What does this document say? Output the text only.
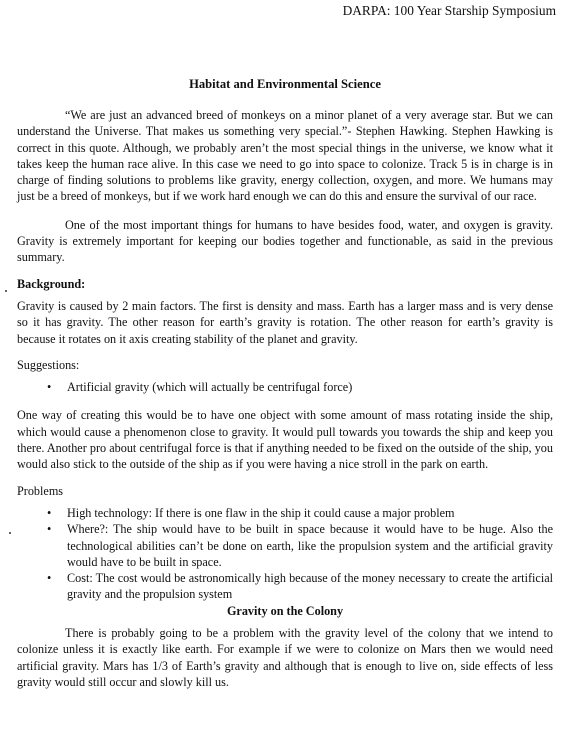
DARPA: 100 Year Starship Symposium
Habitat and Environmental Science

“We are just an advanced breed of monkeys on a minor planet of a very average star. But we can understand the Universe. That makes us something very special.”- Stephen Hawking. Stephen Hawking is correct in this quote. Although, we probably aren’t the most special things in the universe, we know what it takes keep the human race alive. In this case we need to go into space to colonize. Track 5 is in charge is in charge of finding solutions to problems like gravity, energy collection, oxygen, and more. We humans may just be a breed of monkeys, but if we work hard enough we can do this and ensure the survival of our race.

One of the most important things for humans to have besides food, water, and oxygen is gravity. Gravity is extremely important for keeping our bodies together and functionable, as said in the previous summary.

Background:

Gravity is caused by 2 main factors. The first is density and mass. Earth has a larger mass and is very dense so it has gravity. The other reason for earth’s gravity is rotation. The other reason for earth’s gravity is because it rotates on it axis creating stability of the planet and gravity.

Suggestions:
• Artificial gravity (which will actually be centrifugal force)

One way of creating this would be to have one object with some amount of mass rotating inside the ship, which would cause a phenomenon close to gravity. It would pull towards you towards the ship and keep you there. Another pro about centrifugal force is that if anything needed to be fixed on the outside of the ship, you would also stick to the outside of the ship as if you were having a nice stroll in the park on earth.

Problems
• High technology: If there is one flaw in the ship it could cause a major problem
• Where?: The ship would have to be built in space because it would have to be huge. Also the technological abilities can’t be done on earth, like the propulsion system and the artificial gravity would have to be built in space.
• Cost: The cost would be astronomically high because of the money necessary to create the artificial gravity and the propulsion system
Gravity on the Colony

There is probably going to be a problem with the gravity level of the colony that we intend to colonize unless it is exactly like earth. For example if we were to colonize on Mars then we would need artificial gravity. Mars has 1/3 of Earth’s gravity and although that is enough to live on, side effects of less gravity would still occur and slowly kill us.
